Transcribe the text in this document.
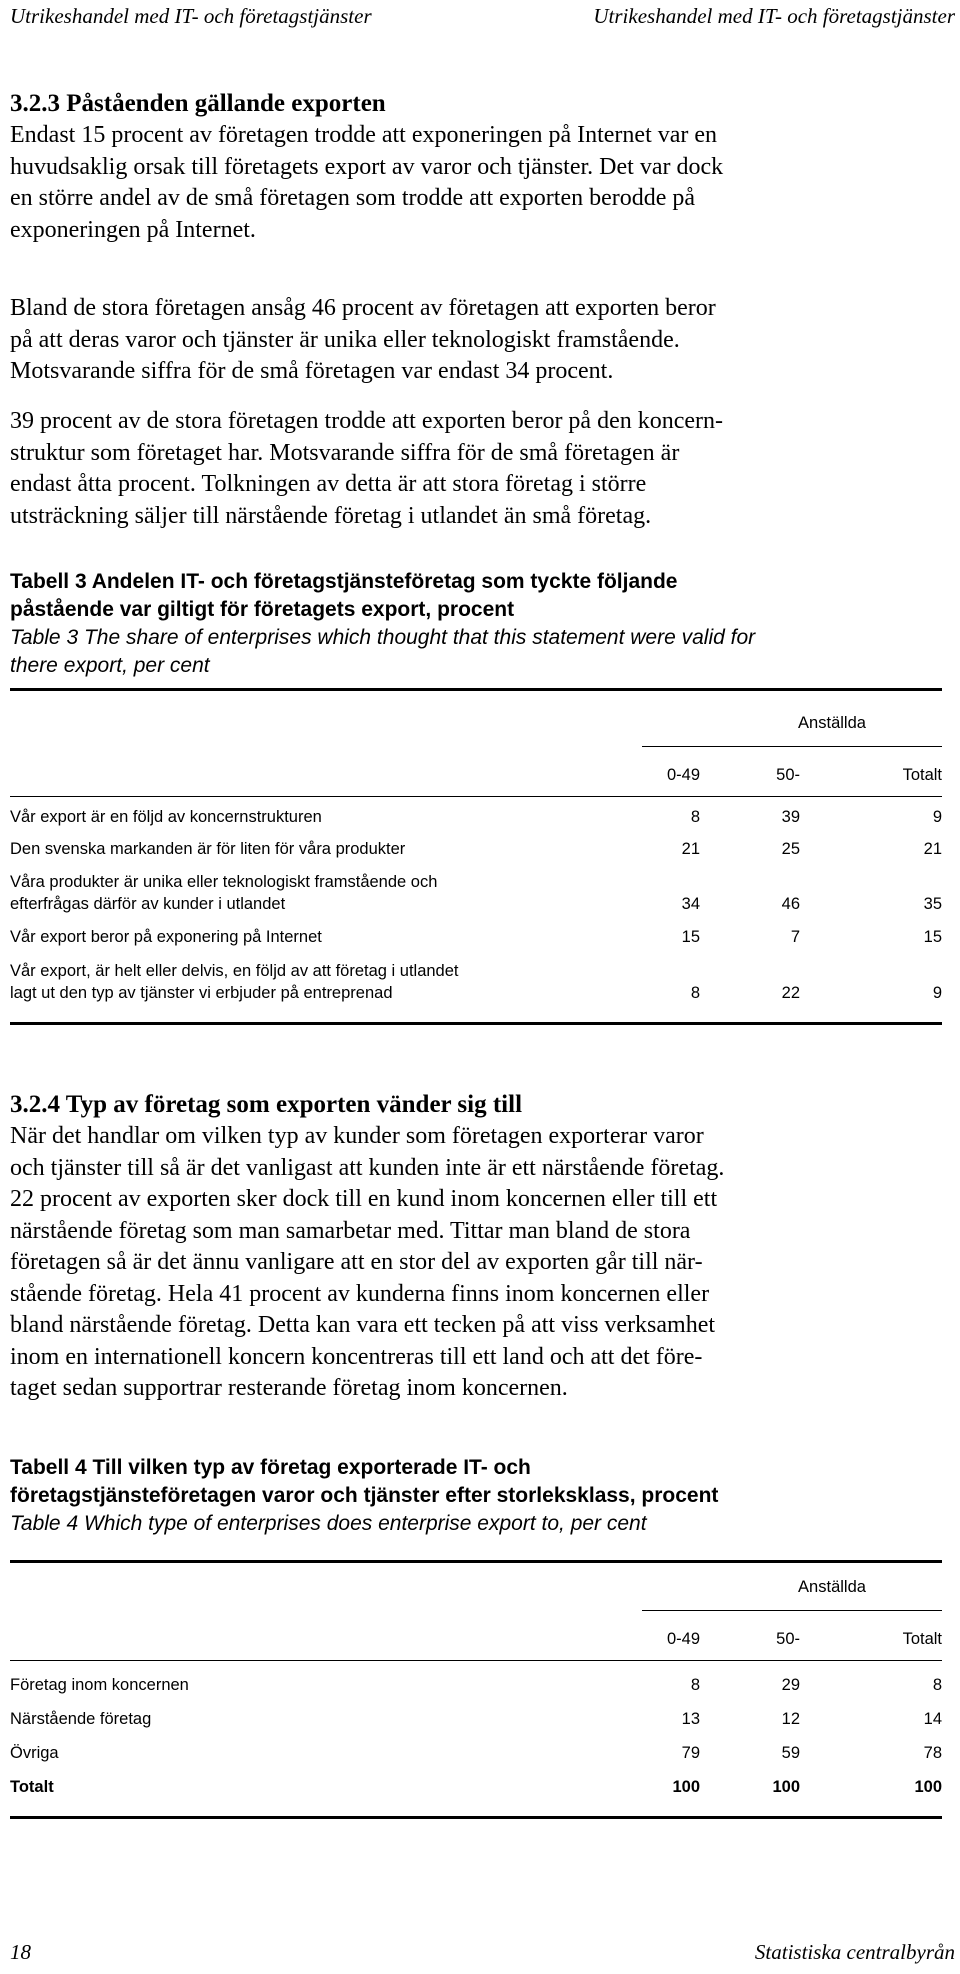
Utrikeshandel med IT- och företagstjänster	Utrikeshandel med IT- och företagstjänster
3.2.3 Påståenden gällande exporten
Endast 15 procent av företagen trodde att exponeringen på Internet var en
huvudsaklig orsak till företagets export av varor och tjänster. Det var dock
en större andel av de små företagen som trodde att exporten berodde på
exponeringen på Internet.
Bland de stora företagen ansåg 46 procent av företagen att exporten beror
på att deras varor och tjänster är unika eller teknologiskt framstående.
Motsvarande siffra för de små företagen var endast 34 procent.
39 procent av de stora företagen trodde att exporten beror på den koncern-
struktur som företaget har. Motsvarande siffra för de små företagen är
endast åtta procent. Tolkningen av detta är att stora företag i större
utsträckning säljer till närstående företag i utlandet än små företag.
Tabell 3 Andelen IT- och företagstjänsteföretag som tyckte följande
påstående var giltigt för företagets export, procent
Table 3 The share of enterprises which thought that this statement were valid for
there export, per cent
Anställda
0-49	50-	Totalt
Vår export är en följd av koncernstrukturen	8	39	9
Den svenska markanden är för liten för våra produkter	21	25	21
Våra produkter är unika eller teknologiskt framstående och
efterfrågas därför av kunder i utlandet	34	46	35
Vår export beror på exponering på Internet	15	7	15
Vår export, är helt eller delvis, en följd av att företag i utlandet
lagt ut den typ av tjänster vi erbjuder på entreprenad	8	22	9
3.2.4 Typ av företag som exporten vänder sig till
När det handlar om vilken typ av kunder som företagen exporterar varor
och tjänster till så är det vanligast att kunden inte är ett närstående företag.
22 procent av exporten sker dock till en kund inom koncernen eller till ett
närstående företag som man samarbetar med. Tittar man bland de stora
företagen så är det ännu vanligare att en stor del av exporten går till när-
stående företag. Hela 41 procent av kunderna finns inom koncernen eller
bland närstående företag. Detta kan vara ett tecken på att viss verksamhet
inom en internationell koncern koncentreras till ett land och att det före-
taget sedan supportrar resterande företag inom koncernen.
Tabell 4 Till vilken typ av företag exporterade IT- och
företagstjänsteföretagen varor och tjänster efter storleksklass, procent
Table 4 Which type of enterprises does enterprise export to, per cent
Anställda
0-49	50-	Totalt
Företag inom koncernen	8	29	8
Närstående företag	13	12	14
Övriga	79	59	78
Totalt	100	100	100
18	Statistiska centralbyrån
